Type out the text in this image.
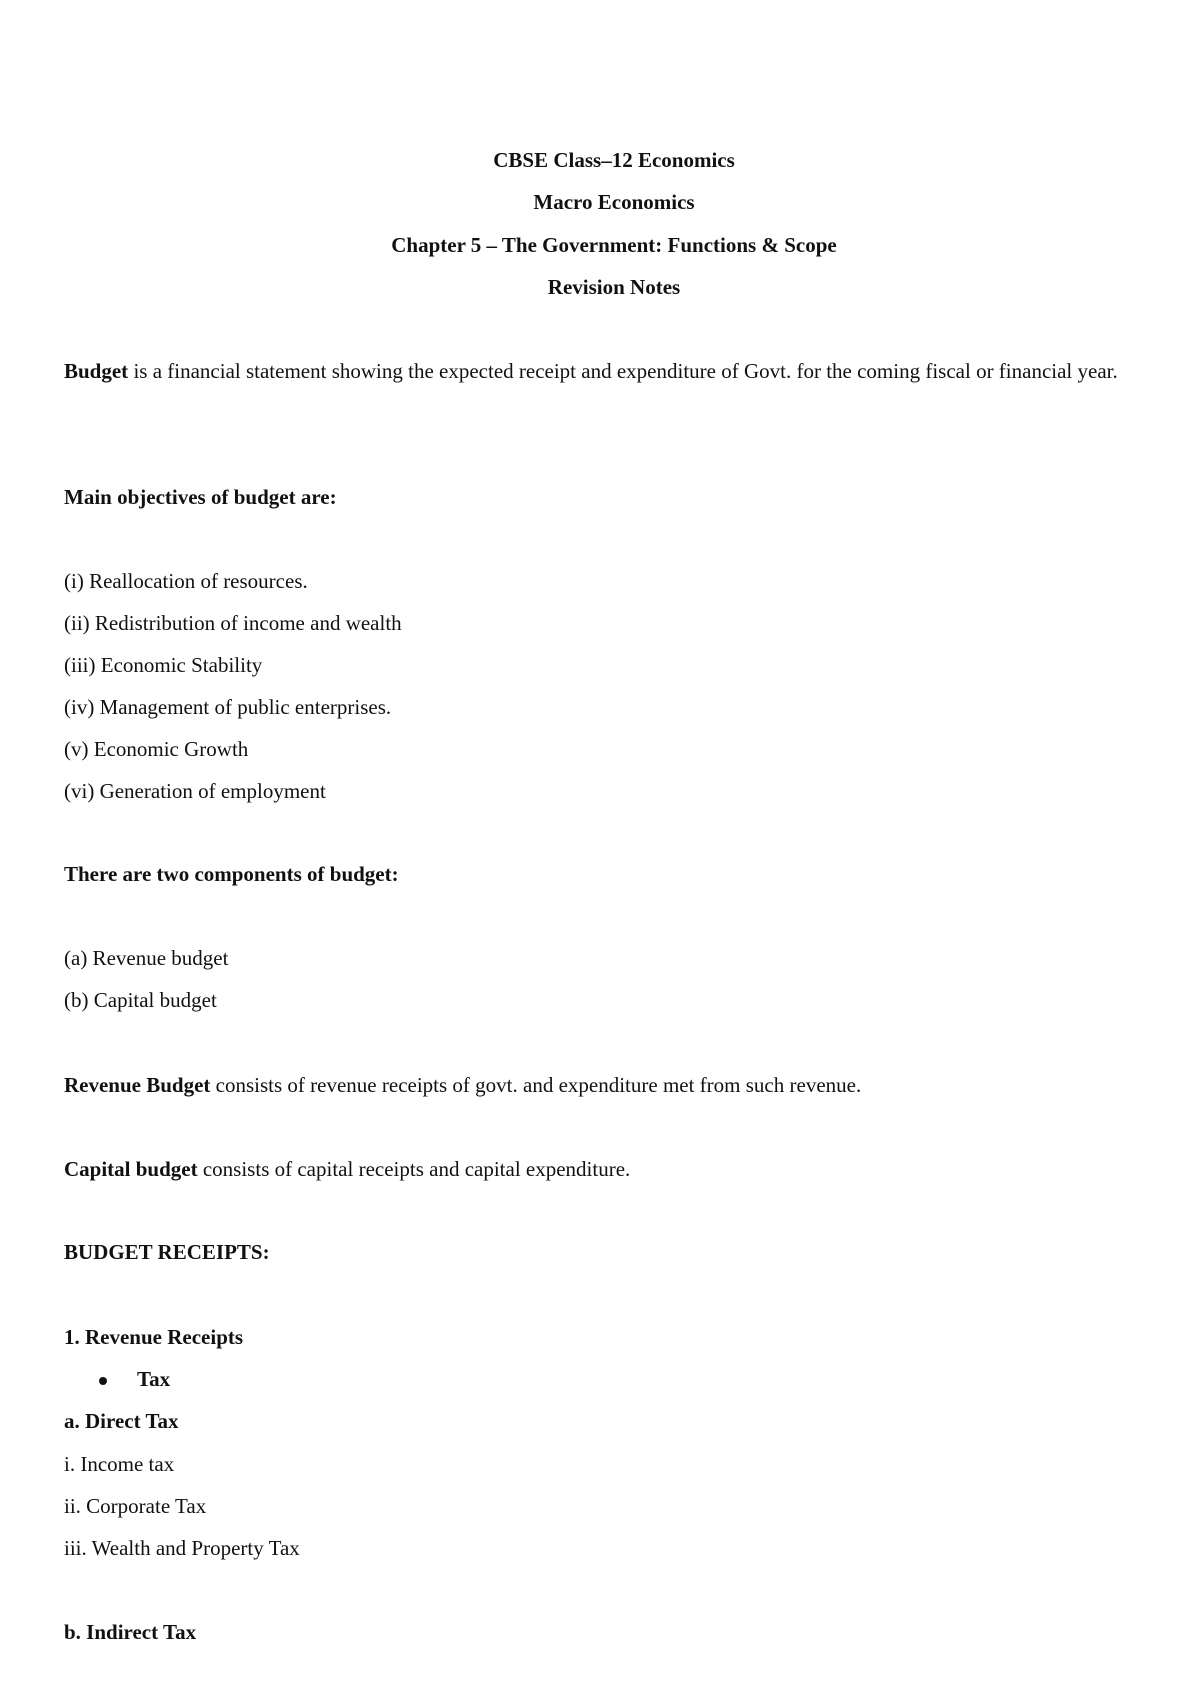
CBSE Class–12 Economics
Macro Economics
Chapter 5 – The Government: Functions & Scope
Revision Notes
Budget is a financial statement showing the expected receipt and expenditure of Govt. for the coming fiscal or financial year.
Main objectives of budget are:
(i) Reallocation of resources.
(ii) Redistribution of income and wealth
(iii) Economic Stability
(iv) Management of public enterprises.
(v) Economic Growth
(vi) Generation of employment
There are two components of budget:
(a) Revenue budget
(b) Capital budget
Revenue Budget consists of revenue receipts of govt. and expenditure met from such revenue.
Capital budget consists of capital receipts and capital expenditure.
BUDGET RECEIPTS:
1. Revenue Receipts
Tax
a. Direct Tax
i. Income tax
ii. Corporate Tax
iii. Wealth and Property Tax
b. Indirect Tax
